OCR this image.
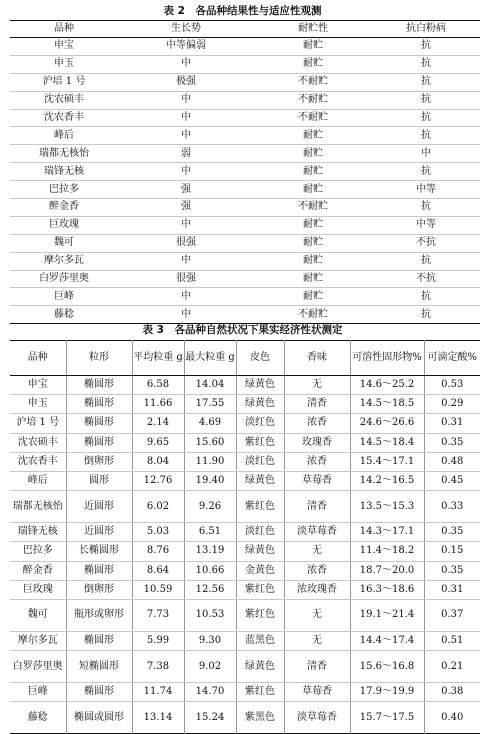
表 2　各品种结果性与适应性观测
品种	生长势	耐贮性	抗白粉病
申宝	中等偏弱	耐贮	抗
申玉	中	耐贮	抗
沪培 1 号	极强	不耐贮	抗
沈农硕丰	中	不耐贮	抗
沈农香丰	中	不耐贮	抗
峰后	中	耐贮	抗
瑞都无核怡	弱	耐贮	中
瑞锋无核	中	耐贮	抗
巴拉多	强	耐贮	中等
醉金香	强	不耐贮	抗
巨玫瑰	中	耐贮	中等
魏可	很强	耐贮	不抗
摩尔多瓦	中	耐贮	抗
白罗莎里奥	很强	耐贮	不抗
巨峰	中	耐贮	抗
藤稔	中	不耐贮	抗
表 3　各品种自然状况下果实经济性状测定
品种	粒形	平均粒重 g	最大粒重 g	皮色	香味	可溶性固形物%	可滴定酸%
申宝	椭圆形	6.58	14.04	绿黄色	无	14.6～25.2	0.53
申玉	椭圆形	11.66	17.55	绿黄色	清香	14.5～18.5	0.29
沪培 1 号	椭圆形	2.14	4.69	淡红色	浓香	24.6～26.6	0.31
沈农硕丰	椭圆形	9.65	15.60	紫红色	玫瑰香	14.5～18.4	0.35
沈农香丰	倒卵形	8.04	11.90	淡红色	浓香	15.4～17.1	0.48
峰后	圆形	12.76	19.40	绿黄色	草莓香	14.2～16.5	0.45
瑞都无核怡	近圆形	6.02	9.26	紫红色	清香	13.5～15.3	0.33
瑞锋无核	近圆形	5.03	6.51	淡红色	淡草莓香	14.3～17.1	0.35
巴拉多	长椭圆形	8.76	13.19	绿黄色	无	11.4～18.2	0.15
醉金香	椭圆形	8.64	10.66	金黄色	浓香	18.7～20.0	0.35
巨玫瑰	倒卵形	10.59	12.56	紫红色	浓玫瑰香	16.3～18.6	0.31
魏可	瓶形或卵形	7.73	10.53	紫红色	无	19.1～21.4	0.37
摩尔多瓦	椭圆形	5.99	9.30	蓝黑色	无	14.4～17.4	0.51
白罗莎里奥	短椭圆形	7.38	9.02	绿黄色	清香	15.6～16.8	0.21
巨峰	椭圆形	11.74	14.70	紫红色	草莓香	17.9～19.9	0.38
藤稔	椭圆或圆形	13.14	15.24	紫黑色	淡草莓香	15.7～17.5	0.40
